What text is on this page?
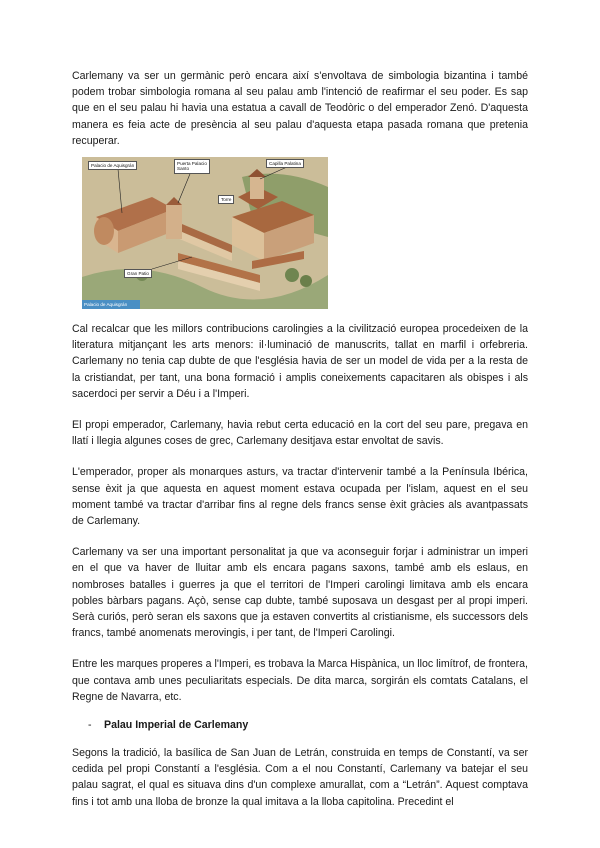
Carlemany va ser un germànic però encara així s'envoltava de simbologia bizantina i també podem trobar simbologia romana al seu palau amb l'intenció de reafirmar el seu poder. Es sap que en el seu palau hi havia una estatua a cavall de Teodòric o del emperador Zenó. D'aquesta manera es feia acte de presència al seu palau d'aquesta etapa pasada romana que pretenia recuperar.

Palacio de Aquisgrán	Puerta Palacio Santo
Capilla Palatina
Torre
Gran Patio
Palacio de Aquisgrán

Cal recalcar que les millors contribucions carolingies a la civilització europea procedeixen de la literatura mitjançant les arts menors: il·luminació de manuscrits, tallat en marfil i orfebreria. Carlemany no tenia cap dubte de que l'església havia de ser un model de vida per a la resta de la cristiandat, per tant, una bona formació i amplis coneixements capacitaren als obispes i als sacerdoci per servir a Déu i a l'Imperi.

El propi emperador, Carlemany, havia rebut certa educació en la cort del seu pare, pregava en llatí i llegia algunes coses de grec, Carlemany desitjava estar envoltat de savis.

L'emperador, proper als monarques asturs, va tractar d'intervenir també a la Península Ibérica, sense èxit ja que aquesta en aquest moment estava ocupada per l'islam, aquest en el seu moment també va tractar d'arribar fins al regne dels francs sense èxit gràcies als avantpassats de Carlemany.

Carlemany va ser una important personalitat ja que va aconseguir forjar i administrar un imperi en el que va haver de lluitar amb els encara pagans saxons, també amb els eslaus, en nombroses batalles i guerres ja que el territori de l'Imperi carolingi limitava amb els encara pobles bàrbars pagans. Açò, sense cap dubte, també suposava un desgast per al propi imperi. Serà curiós, però seran els saxons que ja estaven convertits al cristianisme, els successors dels francs, també anomenats merovingis, i per tant, de l'Imperi Carolingi.

Entre les marques properes a l'Imperi, es trobava la Marca Hispànica, un lloc limítrof, de frontera, que contava amb unes peculiaritats especials. De dita marca, sorgirán els comtats Catalans, el Regne de Navarra, etc.

-	Palau Imperial de Carlemany

Segons la tradició, la basílica de San Juan de Letrán, construida en temps de Constantí, va ser cedida pel propi Constantí a l'església. Com a el nou Constantí, Carlemany va batejar el seu palau sagrat, el qual es situava dins d'un complexe amurallat, com a “Letrán”. Aquest comptava fins i tot amb una lloba de bronze la qual imitava a la lloba capitolina. Precedint el
